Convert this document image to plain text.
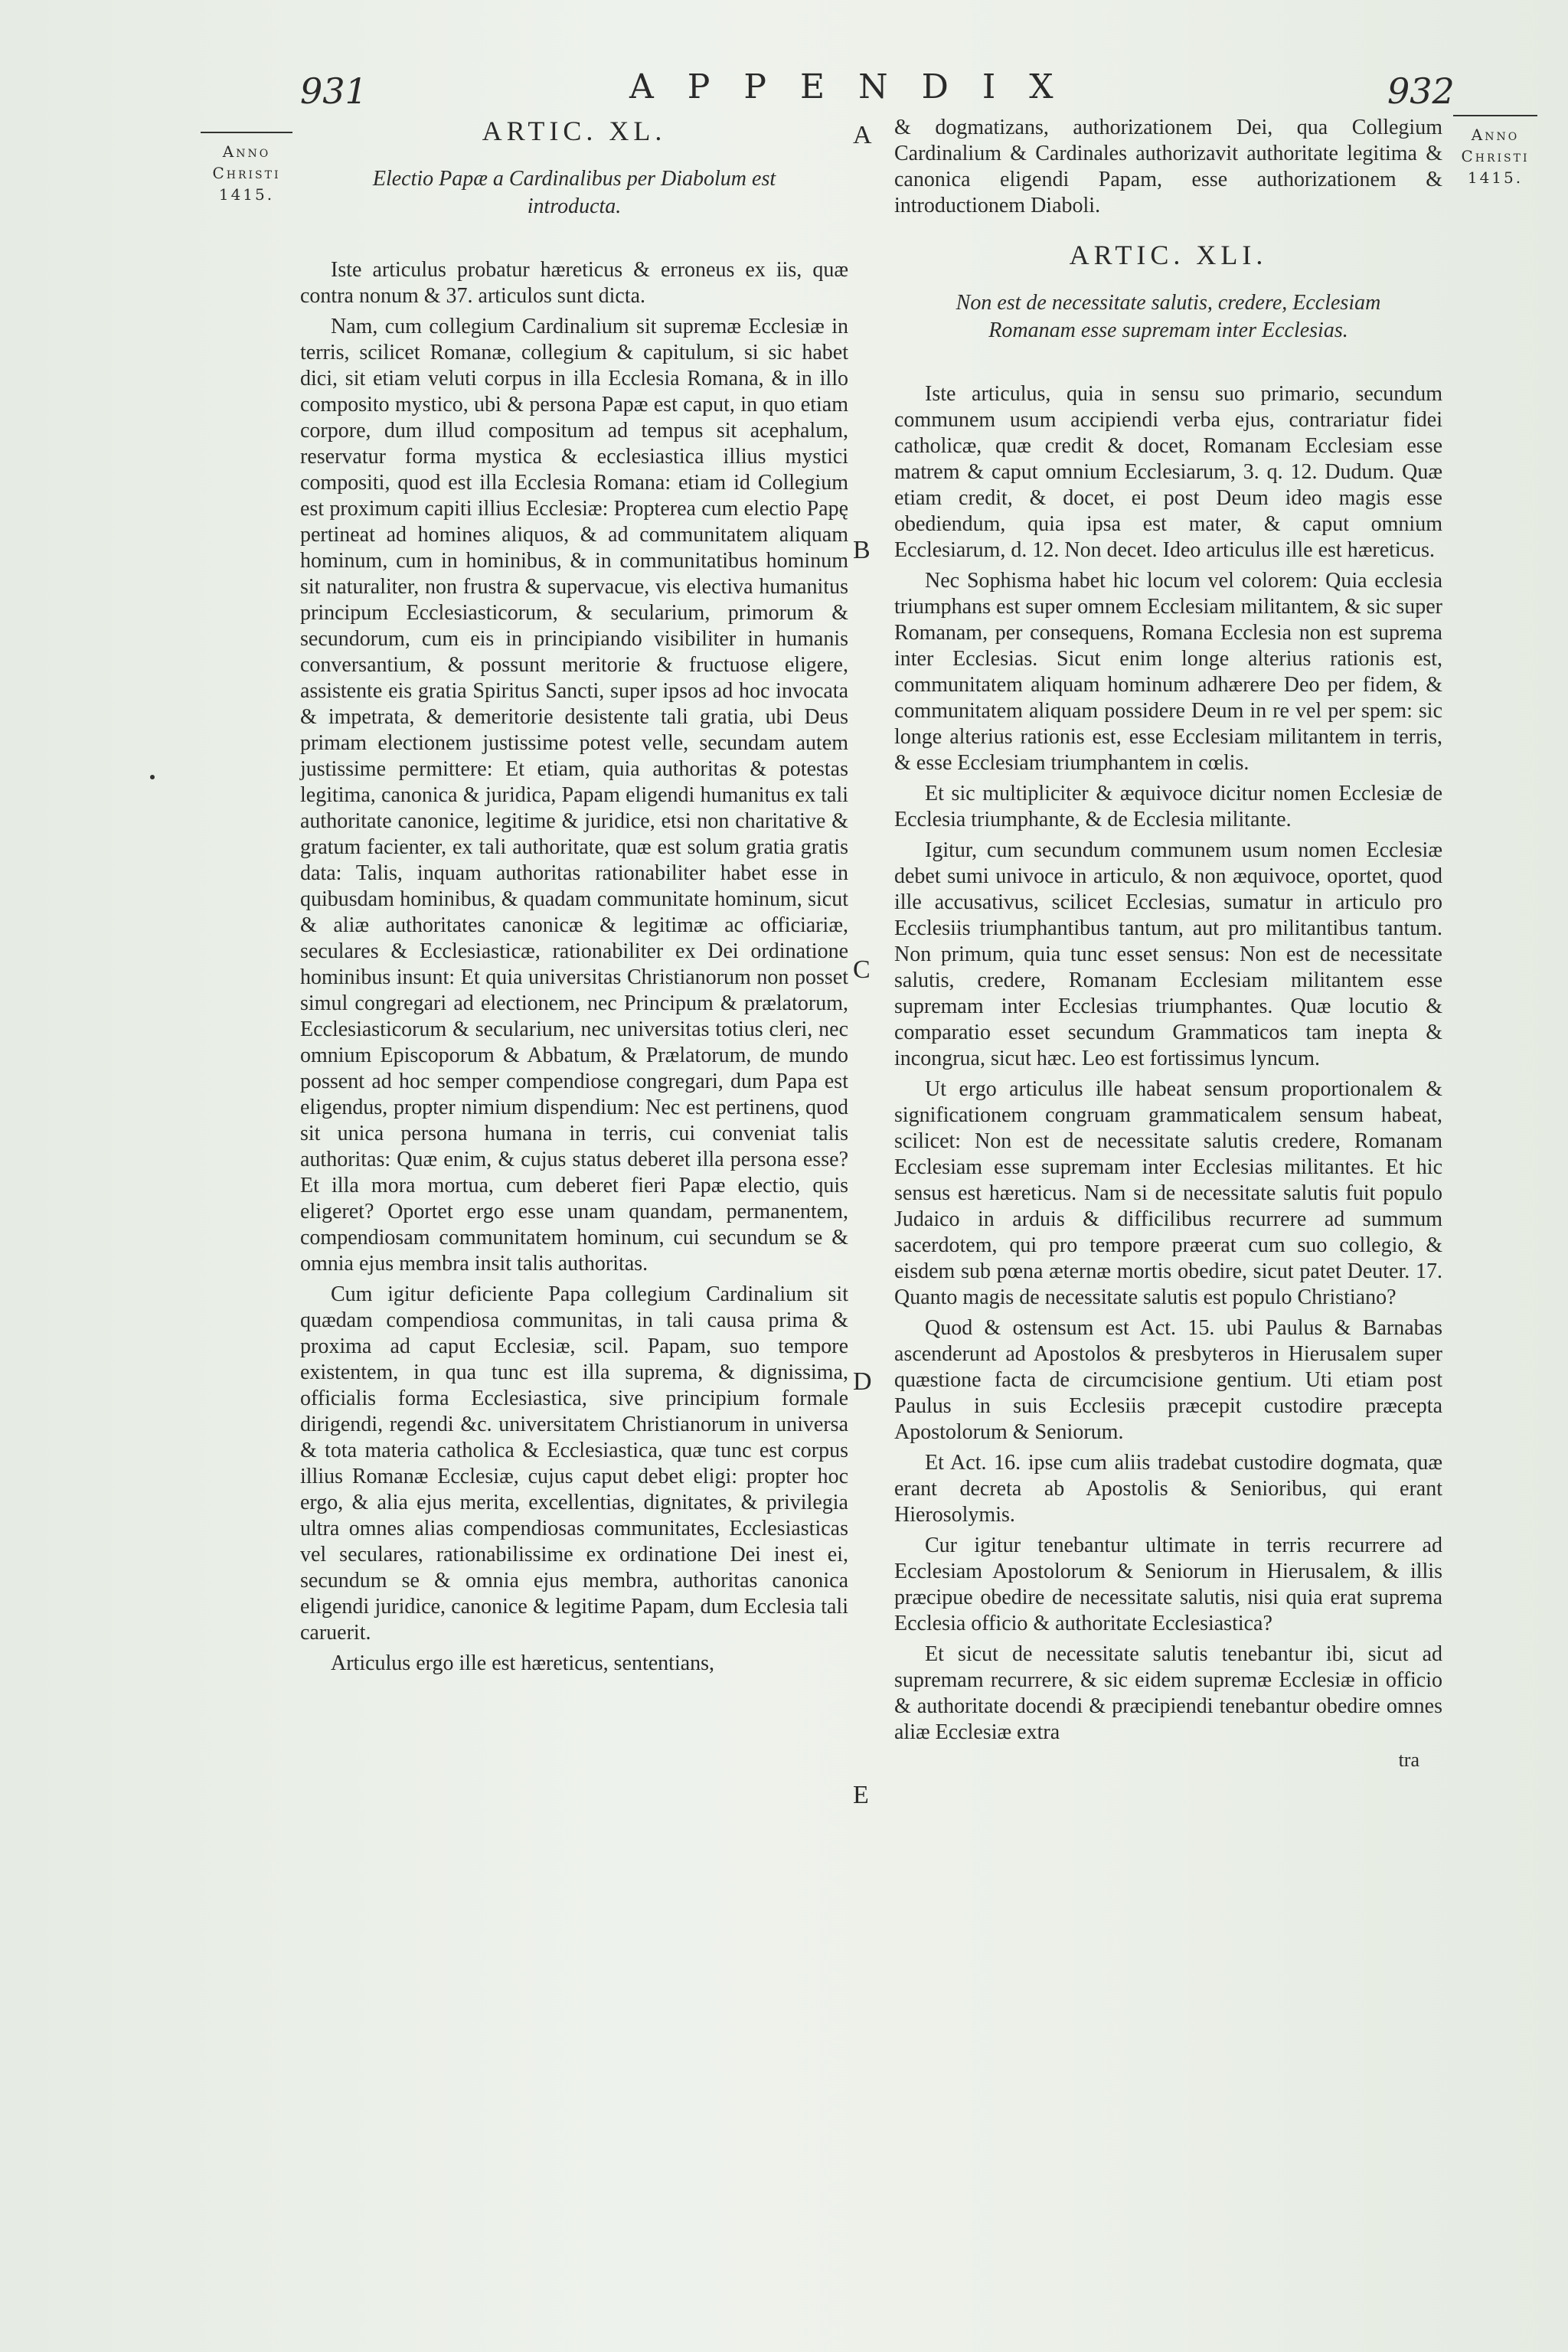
931	APPENDIX	932
Anno
Christi
1415.
Anno
Christi
1415.
A
B
C
D
E
ARTIC. XL.
Electio Papæ a Cardinalibus per Diabolum est introducta.

Iste articulus probatur hæreticus & erroneus ex iis, quæ contra nonum & 37. articulos sunt dicta.

Nam, cum collegium Cardinalium sit supremæ Ecclesiæ in terris, scilicet Romanæ, collegium & capitulum, si sic habet dici, sit etiam veluti corpus in illa Ecclesia Romana, & in illo composito mystico, ubi & persona Papæ est caput, in quo etiam corpore, dum illud compositum ad tempus sit acephalum, reservatur forma mystica & ecclesiastica illius mystici compositi, quod est illa Ecclesia Romana: etiam id Collegium est proximum capiti illius Ecclesiæ: Propterea cum electio Papę pertineat ad homines aliquos, & ad communitatem aliquam hominum, cum in hominibus, & in communitatibus hominum sit naturaliter, non frustra & supervacue, vis electiva humanitus principum Ecclesiasticorum, & secularium, primorum & secundorum, cum eis in principiando visibiliter in humanis conversantium, & possunt meritorie & fructuose eligere, assistente eis gratia Spiritus Sancti, super ipsos ad hoc invocata & impetrata, & demeritorie desistente tali gratia, ubi Deus primam electionem justissime potest velle, secundam autem justissime permittere: Et etiam, quia authoritas & potestas legitima, canonica & juridica, Papam eligendi humanitus ex tali authoritate canonice, legitime & juridice, etsi non charitative & gratum facienter, ex tali authoritate, quæ est solum gratia gratis data: Talis, inquam authoritas rationabiliter habet esse in quibusdam hominibus, & quadam communitate hominum, sicut & aliæ authoritates canonicæ & legitimæ ac officiariæ, seculares & Ecclesiasticæ, rationabiliter ex Dei ordinatione hominibus insunt: Et quia universitas Christianorum non posset simul congregari ad electionem, nec Principum & prælatorum, Ecclesiasticorum & secularium, nec universitas totius cleri, nec omnium Episcoporum & Abbatum, & Prælatorum, de mundo possent ad hoc semper compendiose congregari, dum Papa est eligendus, propter nimium dispendium: Nec est pertinens, quod sit unica persona humana in terris, cui conveniat talis authoritas: Quæ enim, & cujus status deberet illa persona esse? Et illa mora mortua, cum deberet fieri Papæ electio, quis eligeret? Oportet ergo esse unam quandam, permanentem, compendiosam communitatem hominum, cui secundum se & omnia ejus membra insit talis authoritas.

Cum igitur deficiente Papa collegium Cardinalium sit quædam compendiosa communitas, in tali causa prima & proxima ad caput Ecclesiæ, scil. Papam, suo tempore existentem, in qua tunc est illa suprema, & dignissima, officialis forma Ecclesiastica, sive principium formale dirigendi, regendi &c. universitatem Christianorum in universa & tota materia catholica & Ecclesiastica, quæ tunc est corpus illius Romanæ Ecclesiæ, cujus caput debet eligi: propter hoc ergo, & alia ejus merita, excellentias, dignitates, & privilegia ultra omnes alias compendiosas communitates, Ecclesiasticas vel seculares, rationabilissime ex ordinatione Dei inest ei, secundum se & omnia ejus membra, authoritas canonica eligendi juridice, canonice & legitime Papam, dum Ecclesia tali caruerit.

Articulus ergo ille est hæreticus, sententians,

& dogmatizans, authorizationem Dei, qua Collegium Cardinalium & Cardinales authorizavit authoritate legitima & canonica eligendi Papam, esse authorizationem & introductionem Diaboli.

ARTIC. XLI.
Non est de necessitate salutis, credere, Ecclesiam Romanam esse supremam inter Ecclesias.

Iste articulus, quia in sensu suo primario, secundum communem usum accipiendi verba ejus, contrariatur fidei catholicæ, quæ credit & docet, Romanam Ecclesiam esse matrem & caput omnium Ecclesiarum, 3. q. 12. Dudum. Quæ etiam credit, & docet, ei post Deum ideo magis esse obediendum, quia ipsa est mater, & caput omnium Ecclesiarum, d. 12. Non decet. Ideo articulus ille est hæreticus.

Nec Sophisma habet hic locum vel colorem: Quia ecclesia triumphans est super omnem Ecclesiam militantem, & sic super Romanam, per consequens, Romana Ecclesia non est suprema inter Ecclesias. Sicut enim longe alterius rationis est, communitatem aliquam hominum adhærere Deo per fidem, & communitatem aliquam possidere Deum in re vel per spem: sic longe alterius rationis est, esse Ecclesiam militantem in terris, & esse Ecclesiam triumphantem in cœlis.

Et sic multipliciter & æquivoce dicitur nomen Ecclesiæ de Ecclesia triumphante, & de Ecclesia militante.

Igitur, cum secundum communem usum nomen Ecclesiæ debet sumi univoce in articulo, & non æquivoce, oportet, quod ille accusativus, scilicet Ecclesias, sumatur in articulo pro Ecclesiis triumphantibus tantum, aut pro militantibus tantum. Non primum, quia tunc esset sensus: Non est de necessitate salutis, credere, Romanam Ecclesiam militantem esse supremam inter Ecclesias triumphantes. Quæ locutio & comparatio esset secundum Grammaticos tam inepta & incongrua, sicut hæc. Leo est fortissimus lyncum.

Ut ergo articulus ille habeat sensum proportionalem & significationem congruam grammaticalem sensum habeat, scilicet: Non est de necessitate salutis credere, Romanam Ecclesiam esse supremam inter Ecclesias militantes. Et hic sensus est hæreticus. Nam si de necessitate salutis fuit populo Judaico in arduis & difficilibus recurrere ad summum sacerdotem, qui pro tempore præerat cum suo collegio, & eisdem sub pœna æternæ mortis obedire, sicut patet Deuter. 17. Quanto magis de necessitate salutis est populo Christiano?

Quod & ostensum est Act. 15. ubi Paulus & Barnabas ascenderunt ad Apostolos & presbyteros in Hierusalem super quæstione facta de circumcisione gentium. Uti etiam post Paulus in suis Ecclesiis præcepit custodire præcepta Apostolorum & Seniorum.

Et Act. 16. ipse cum aliis tradebat custodire dogmata, quæ erant decreta ab Apostolis & Senioribus, qui erant Hierosolymis.

Cur igitur tenebantur ultimate in terris recurrere ad Ecclesiam Apostolorum & Seniorum in Hierusalem, & illis præcipue obedire de necessitate salutis, nisi quia erat suprema Ecclesia officio & authoritate Ecclesiastica?

Et sicut de necessitate salutis tenebantur ibi, sicut ad supremam recurrere, & sic eidem supremæ Ecclesiæ in officio & authoritate docendi & præcipiendi tenebantur obedire omnes aliæ Ecclesiæ extra

tra
